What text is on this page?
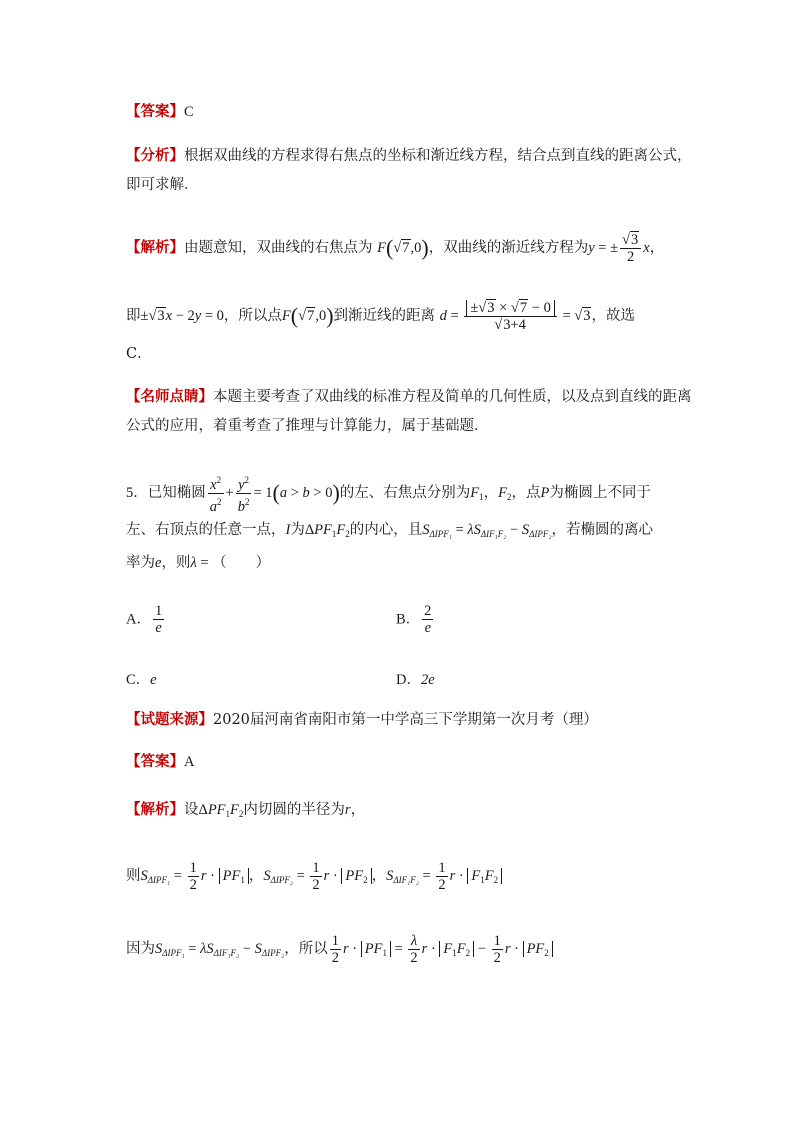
【答案】C
【分析】根据双曲线的方程求得右焦点的坐标和渐近线方程，结合点到直线的距离公式，
即可求解．
【解析】由题意知，双曲线的右焦点为 F(√7,0)，双曲线的渐近线方程为y = ± $\frac{√3}{2}$ x，
即±√3x − 2y = 0，所以点F(√7,0)到渐近线的距离 $d = \frac{\pm√3 \times √7 - 0}{√3+4} = √3$，故选
C．
【名师点睛】本题主要考查了双曲线的标准方程及简单的几何性质，以及点到直线的距离
公式的应用，着重考查了推理与计算能力，属于基础题．
5．已知椭圆 $\frac{x^2}{a^2} + \frac{y^2}{b^2} = 1(a > b > 0)$的左、右焦点分别为$F_1$，$F_2$，点P为椭圆上不同于
左、右顶点的任意一点，I为$\Delta PF_1F_2$的内心，且$S_{\Delta IPF_1} = \lambda S_{\Delta IF_1F_2} - S_{\Delta IPF_2}$，若椭圆的离心
率为e，则λ = （　　）
A． $\frac{1}{e}$	B． $\frac{2}{e}$
C．e	D．2e
【试题来源】2020届河南省南阳市第一中学高三下学期第一次月考（理）
【答案】A
【解析】设$\Delta PF_1F_2$内切圆的半径为r，
则$S_{\Delta IPF_1} = \frac{1}{2}$ $r \cdot PF_1$ ，$S_{\Delta IPF_2} = \frac{1}{2}$ $r \cdot PF_2$ ，$S_{\Delta IF_1F_2} = \frac{1}{2}$ $r \cdot F_1F_2$
因为$S_{\Delta IPF_1} = \lambda S_{\Delta IF_1F_2} - S_{\Delta IPF_2}$，所以 $\frac{1}{2}$ $r \cdot PF_1 = \frac{\lambda}{2}$ $r \cdot F_1F_2 - \frac{1}{2}$ $r \cdot PF_2$
